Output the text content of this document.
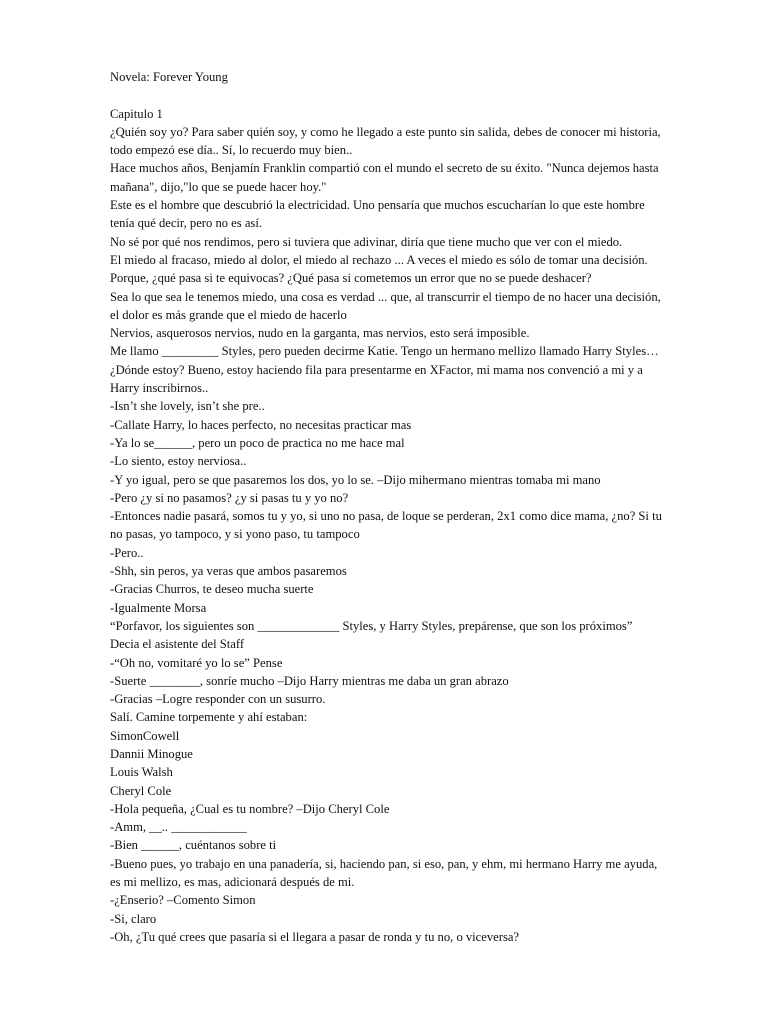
Novela: Forever Young

Capitulo 1

¿Quién soy yo? Para saber quién soy, y como he llegado a este punto sin salida, debes de conocer mi historia, todo empezó ese día.. Sí, lo recuerdo muy bien..

Hace muchos años, Benjamín Franklin compartió con el mundo el secreto de su éxito. "Nunca dejemos hasta mañana", dijo,"lo que se puede hacer hoy."

Este es el hombre que descubrió la electricidad. Uno pensaría que muchos escucharían lo que este hombre tenía qué decir, pero no es así.

No sé por qué nos rendimos, pero si tuviera que adivinar, diría que tiene mucho que ver con el miedo.

El miedo al fracaso, miedo al dolor, el miedo al rechazo ... A veces el miedo es sólo de tomar una decisión. Porque, ¿qué pasa si te equivocas? ¿Qué pasa si cometemos un error que no se puede deshacer?

Sea lo que sea le tenemos miedo, una cosa es verdad ... que, al transcurrir el tiempo de no hacer una decisión, el dolor es más grande que el miedo de hacerlo

Nervios, asquerosos nervios, nudo en la garganta, mas nervios, esto será imposible.

Me llamo _________ Styles, pero pueden decirme Katie. Tengo un hermano mellizo llamado Harry Styles…

¿Dónde estoy? Bueno, estoy haciendo fila para presentarme en XFactor, mi mama nos convenció a mi y a Harry inscribirnos..

-Isn’t she lovely, isn’t she pre..

-Callate Harry, lo haces perfecto, no necesitas practicar mas

-Ya lo se______, pero un poco de practica no me hace mal

-Lo siento, estoy nerviosa..

-Y yo igual, pero se que pasaremos los dos, yo lo se. –Dijo mihermano mientras tomaba mi mano

-Pero ¿y si no pasamos? ¿y si pasas tu y yo no?

-Entonces nadie pasará, somos tu y yo, si uno no pasa, de loque se perderan, 2x1 como dice mama, ¿no? Si tu no pasas, yo tampoco, y si yono paso, tu tampoco

-Pero..

-Shh, sin peros, ya veras que ambos pasaremos

-Gracias Churros, te deseo mucha suerte

-Igualmente Morsa

“Porfavor, los siguientes son _____________ Styles, y Harry Styles, prepárense, que son los próximos”

Decia el asistente del Staff

-“Oh no, vomitaré yo lo se” Pense

-Suerte ________, sonríe mucho –Dijo Harry mientras me daba un gran abrazo

-Gracias –Logre responder con un susurro.

Salí. Camine torpemente y ahí estaban:

SimonCowell

Dannii Minogue

Louis Walsh

Cheryl Cole

-Hola pequeña, ¿Cual es tu nombre? –Dijo Cheryl Cole

-Amm, __.. ____________

-Bien ______, cuéntanos sobre ti

-Bueno pues, yo trabajo en una panadería, si, haciendo pan, si eso, pan, y ehm, mi hermano Harry me ayuda, es mi mellizo, es mas, adicionará después de mi.

-¿Enserio? –Comento Simon

-Si, claro

-Oh, ¿Tu qué crees que pasaría si el llegara a pasar de ronda y tu no, o viceversa?
